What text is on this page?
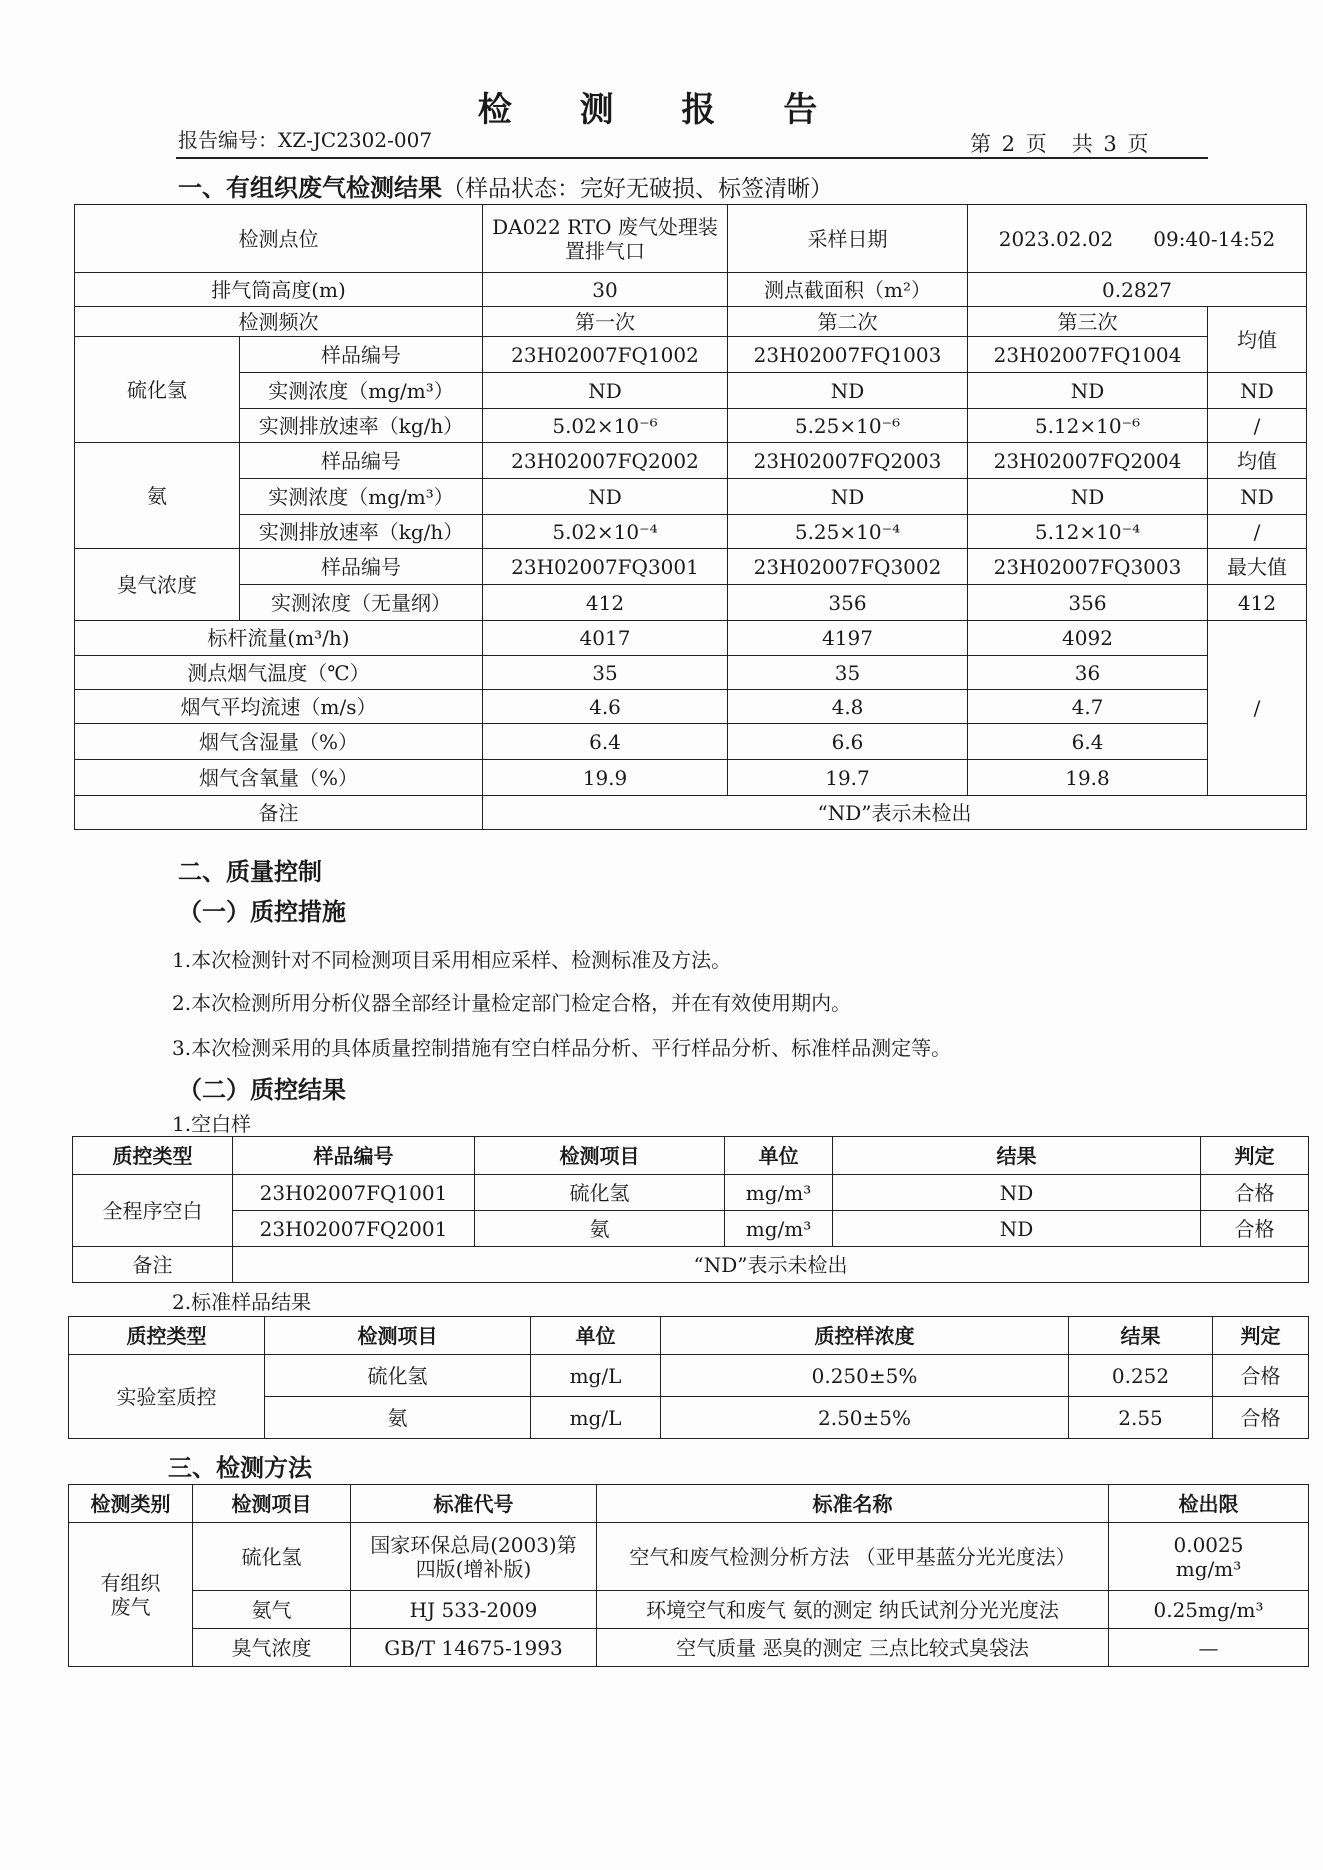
检 测 报 告
报告编号：XZ-JC2302-007	第 2 页　共 3 页
一、有组织废气检测结果（样品状态：完好无破损、标签清晰）
检测点位		DA022 RTO 废气处理装置排气口	采样日期	2023.02.02　　09:40-14:52	
排气筒高度(m)		30	测点截面积（m²）	0.2827	
检测频次		第一次	第二次	第三次	均值
硫化氢	样品编号	23H02007FQ1002	23H02007FQ1003	23H02007FQ1004	
	实测浓度（mg/m³）	ND	ND	ND	ND
	实测排放速率（kg/h）	5.02×10⁻⁶	5.25×10⁻⁶	5.12×10⁻⁶	/
氨	样品编号	23H02007FQ2002	23H02007FQ2003	23H02007FQ2004	均值
	实测浓度（mg/m³）	ND	ND	ND	ND
	实测排放速率（kg/h）	5.02×10⁻⁴	5.25×10⁻⁴	5.12×10⁻⁴	/
臭气浓度	样品编号	23H02007FQ3001	23H02007FQ3002	23H02007FQ3003	最大值
	实测浓度（无量纲）	412	356	356	412
标杆流量(m³/h)		4017	4197	4092	/
测点烟气温度（℃）		35	35	36	
烟气平均流速（m/s）		4.6	4.8	4.7	
烟气含湿量（%）		6.4	6.6	6.4	
烟气含氧量（%）		19.9	19.7	19.8	
备注		“ND”表示未检出			
二、质量控制
（一）质控措施
1.本次检测针对不同检测项目采用相应采样、检测标准及方法。
2.本次检测所用分析仪器全部经计量检定部门检定合格，并在有效使用期内。
3.本次检测采用的具体质量控制措施有空白样品分析、平行样品分析、标准样品测定等。
（二）质控结果
1.空白样
质控类型	样品编号	检测项目	单位	结果	判定
全程序空白	23H02007FQ1001	硫化氢	mg/m³	ND	合格
	23H02007FQ2001	氨	mg/m³	ND	合格
备注	“ND”表示未检出				
2.标准样品结果
质控类型	检测项目	单位	质控样浓度	结果	判定
实验室质控	硫化氢	mg/L	0.250±5%	0.252	合格
	氨	mg/L	2.50±5%	2.55	合格
三、检测方法
检测类别	检测项目	标准代号	标准名称	检出限
有组织废气	硫化氢	国家环保总局(2003)第四版(增补版)	空气和废气检测分析方法 （亚甲基蓝分光光度法）	0.0025 mg/m³
	氨气	HJ 533-2009	环境空气和废气 氨的测定 纳氏试剂分光光度法	0.25mg/m³
	臭气浓度	GB/T 14675-1993	空气质量 恶臭的测定 三点比较式臭袋法	—
